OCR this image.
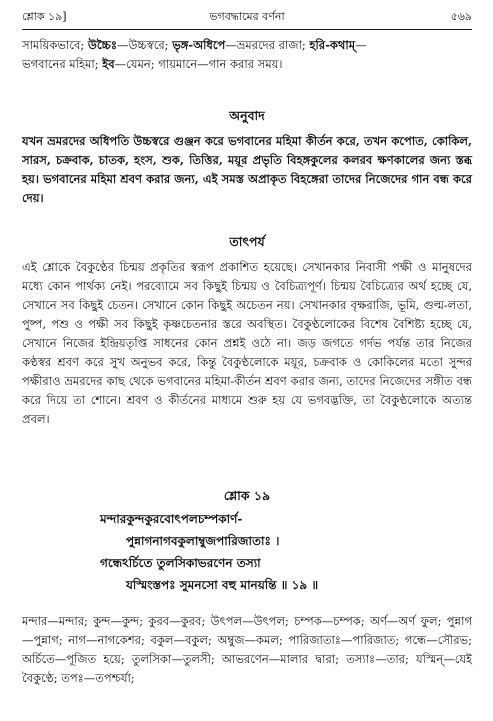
শ্লোক ১৯]	ভগবদ্ধামের বর্ণনা	৫৬৯

সাময়িকভাবে; উচ্চৈঃ—উচ্চস্বরে; ভৃঙ্গ-অধিপে—ভ্রমরদের রাজা; হরি-কথাম্—

ভগবানের মহিমা; ইব—যেমন; গায়মানে—গান করার সময়।

অনুবাদ
যখন ভ্রমরদের অধিপতি উচ্চস্বরে গুঞ্জন করে ভগবানের মহিমা কীর্তন করে, তখন কপোত, কোকিল, সারস, চক্রবাক, চাতক, হংস, শুক, তিত্তির, ময়ূর প্রভৃতি বিহঙ্গকুলের কলরব ক্ষণকালের জন্য স্তব্ধ হয়। ভগবানের মহিমা শ্রবণ করার জন্য, এই সমস্ত অপ্রাকৃত বিহঙ্গেরা তাদের নিজেদের গান বন্ধ করে দেয়।
তাৎপর্য
এই শ্লোকে বৈকুণ্ঠের চিন্ময় প্রকৃতির স্বরূপ প্রকাশিত হয়েছে। সেখানকার নিবাসী পক্ষী ও মানুষদের মধ্যে কোন পার্থক্য নেই। পরব্যোমে সব কিছুই চিন্ময় ও বৈচিত্র্যপূর্ণ। চিন্ময় বৈচিত্র্যের অর্থ হচ্ছে যে, সেখানে সব কিছুই চেতন। সেখানে কোন কিছুই অচেতন নয়। সেখানকার বৃক্ষরাজি, ভূমি, গুল্ম-লতা, পুষ্প, পশু ও পক্ষী সব কিছুই কৃষ্ণচেতনার স্তরে অবস্থিত। বৈকুণ্ঠলোকের বিশেষ বৈশিষ্ট্য হচ্ছে যে, সেখানে নিজের ইন্দ্রিয়তৃপ্তি সাধনের কোন প্রশ্নই ওঠে না। জড় জগতে গর্দভ পর্যন্ত তার নিজের কণ্ঠস্বর শ্রবণ করে সুখ অনুভব করে, কিন্তু বৈকুণ্ঠলোকে ময়ূর, চক্রবাক ও কোকিলের মতো সুন্দর পক্ষীরাও ভ্রমরদের কাছ থেকে ভগবানের মহিমা-কীর্তন শ্রবণ করার জন্য, তাদের নিজেদের সঙ্গীত বন্ধ করে দিয়ে তা শোনে। শ্রবণ ও কীর্তনের মাধ্যমে শুরু হয় যে ভগবদ্ভক্তি, তা বৈকুণ্ঠলোকে অত্যন্ত প্রবল।
শ্লোক ১৯
মন্দারকুন্দকুরবোৎপলচম্পকার্ণ-
পুন্নাগনাগবকুলাম্বুজপারিজাতাঃ ।
গন্ধেঽর্চিতে তুলসিকাভরণেন তস্যা
যস্মিংস্তপঃ সুমনসো বহু মানয়ন্তি ॥ ১৯ ॥
মন্দার—মন্দার; কুন্দ—কুন্দ; কুরব—কুরব; উৎপল—উৎপল; চম্পক—চম্পক; অর্ণ—অর্ণ ফুল; পুন্নাগ—পুন্নাগ; নাগ—নাগকেশর; বকুল—বকুল; অম্বুজ—কমল; পারিজাতাঃ—পারিজাত; গন্ধে—সৌরভ; অর্চিতে—পূজিত হয়ে; তুলসিকা—তুলসী; আভরণেন—মালার দ্বারা; তস্যাঃ—তার; যস্মিন্—যেই বৈকুণ্ঠে; তপঃ—তপশ্চর্যা;
